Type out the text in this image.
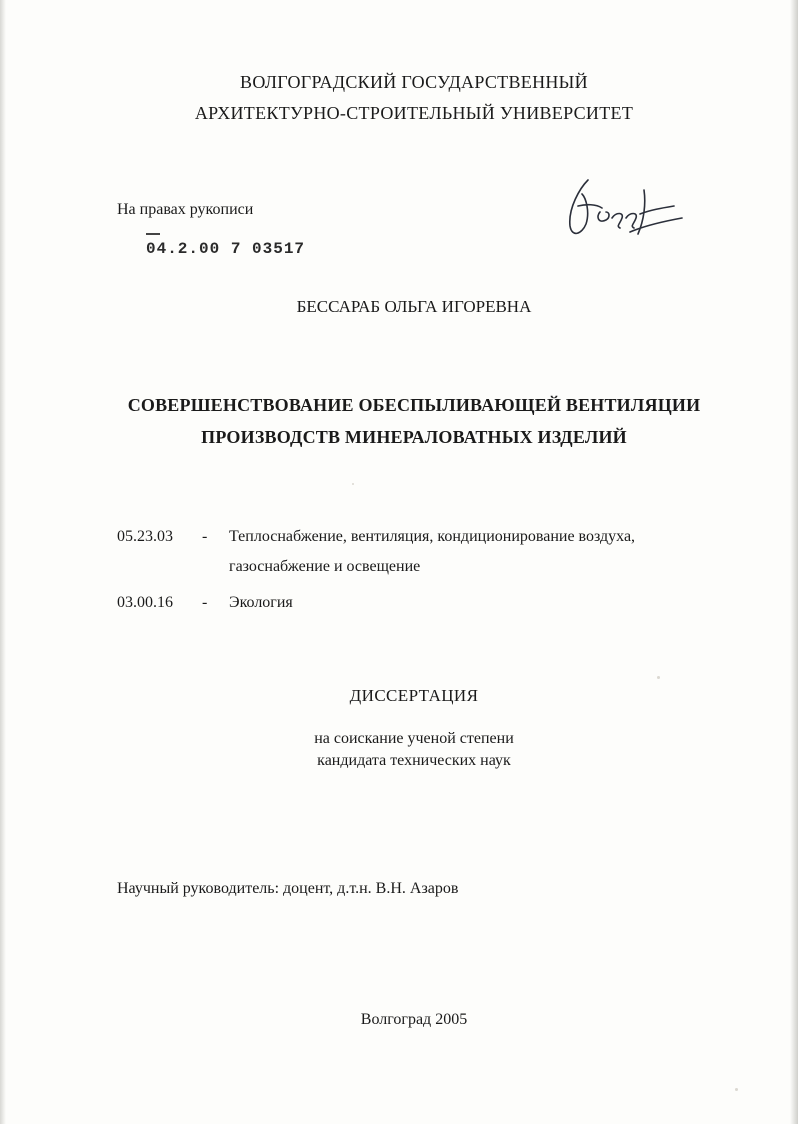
ВОЛГОГРАДСКИЙ ГОСУДАРСТВЕННЫЙ
АРХИТЕКТУРНО-СТРОИТЕЛЬНЫЙ УНИВЕРСИТЕТ
На правах рукописи
04.2.00 7 03517
БЕССАРАБ ОЛЬГА ИГОРЕВНА
СОВЕРШЕНСТВОВАНИЕ ОБЕСПЫЛИВАЮЩЕЙ ВЕНТИЛЯЦИИ
ПРОИЗВОДСТВ МИНЕРАЛОВАТНЫХ ИЗДЕЛИЙ
05.23.03 - Теплоснабжение, вентиляция, кондиционирование воздуха,
газоснабжение и освещение
03.00.16 - Экология
ДИССЕРТАЦИЯ
на соискание ученой степени
кандидата технических наук
Научный руководитель: доцент, д.т.н. В.Н. Азаров
Волгоград 2005
